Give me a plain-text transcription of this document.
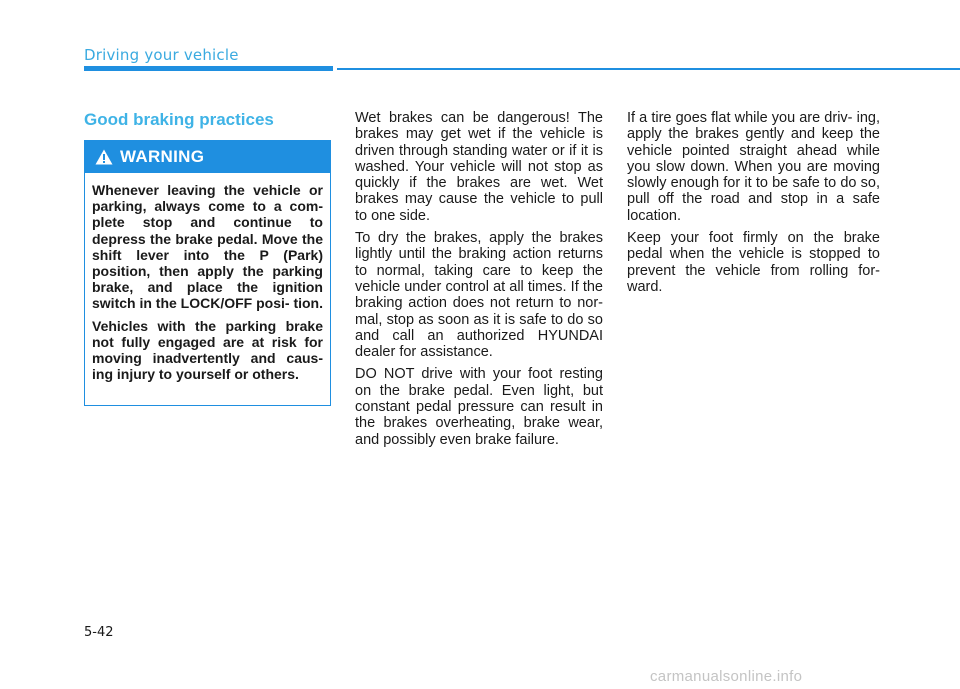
Driving your vehicle
Good braking practices
WARNING

Whenever leaving the vehicle or parking, always come to a com- plete stop and continue to depress the brake pedal. Move the shift lever into the P (Park) position, then apply the parking brake, and place the ignition switch in the LOCK/OFF posi- tion.

Vehicles with the parking brake not fully engaged are at risk for moving inadvertently and caus- ing injury to yourself or others.

Wet brakes can be dangerous! The brakes may get wet if the vehicle is driven through standing water or if it is washed. Your vehicle will not stop as quickly if the brakes are wet. Wet brakes may cause the vehicle to pull to one side.

To dry the brakes, apply the brakes lightly until the braking action returns to normal, taking care to keep the vehicle under control at all times. If the braking action does not return to nor- mal, stop as soon as it is safe to do so and call an authorized HYUNDAI dealer for assistance.

DO NOT drive with your foot resting on the brake pedal. Even light, but constant pedal pressure can result in the brakes overheating, brake wear, and possibly even brake failure.

If a tire goes flat while you are driv- ing, apply the brakes gently and keep the vehicle pointed straight ahead while you slow down. When you are moving slowly enough for it to be safe to do so, pull off the road and stop in a safe location.

Keep your foot firmly on the brake pedal when the vehicle is stopped to prevent the vehicle from rolling for- ward.

5-42
carmanualsonline.info
